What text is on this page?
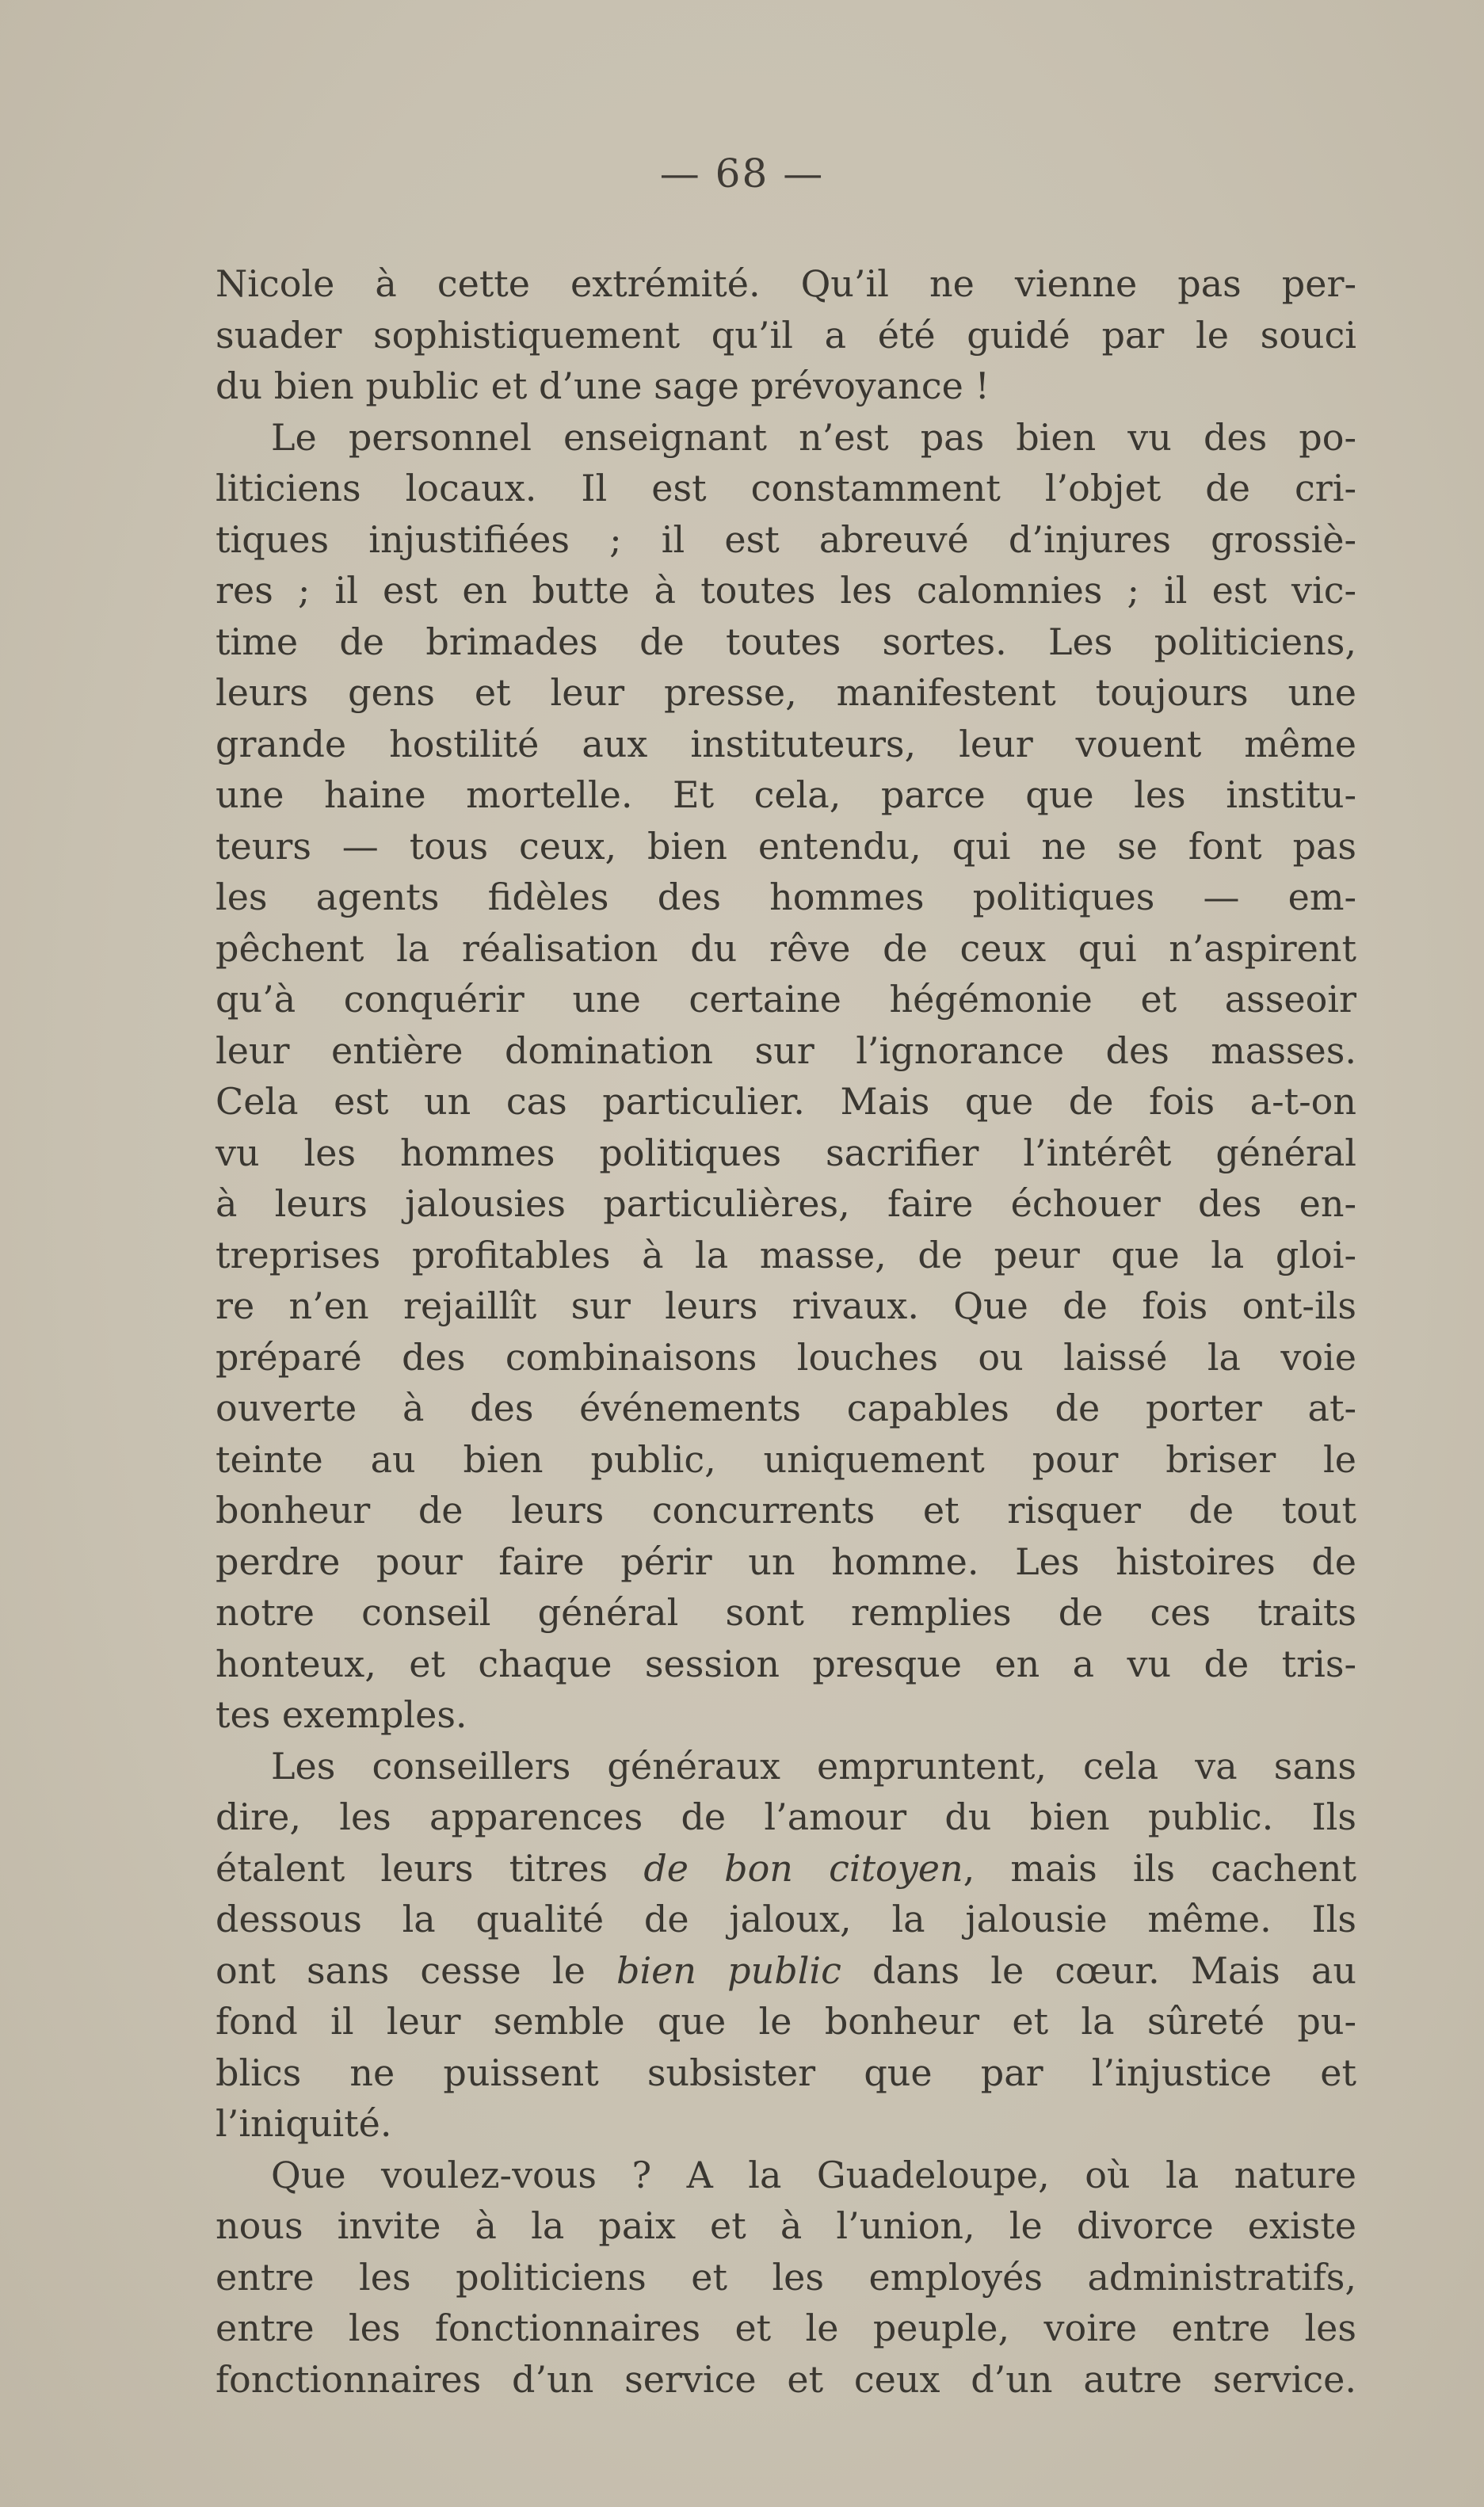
— 68 —
Nicole à cette extrémité. Qu’il ne vienne pas per-
suader sophistiquement qu’il a été guidé par le souci
du bien public et d’une sage prévoyance !
Le personnel enseignant n’est pas bien vu des po-
liticiens locaux. Il est constamment l’objet de cri-
tiques injustifiées ; il est abreuvé d’injures grossiè-
res ; il est en butte à toutes les calomnies ; il est vic-
time de brimades de toutes sortes. Les politiciens,
leurs gens et leur presse, manifestent toujours une
grande hostilité aux instituteurs, leur vouent même
une haine mortelle. Et cela, parce que les institu-
teurs — tous ceux, bien entendu, qui ne se font pas
les agents fidèles des hommes politiques — em-
pêchent la réalisation du rêve de ceux qui n’aspirent
qu’à conquérir une certaine hégémonie et asseoir
leur entière domination sur l’ignorance des masses.
Cela est un cas particulier. Mais que de fois a-t-on
vu les hommes politiques sacrifier l’intérêt général
à leurs jalousies particulières, faire échouer des en-
treprises profitables à la masse, de peur que la gloi-
re n’en rejaillît sur leurs rivaux. Que de fois ont-ils
préparé des combinaisons louches ou laissé la voie
ouverte à des événements capables de porter at-
teinte au bien public, uniquement pour briser le
bonheur de leurs concurrents et risquer de tout
perdre pour faire périr un homme. Les histoires de
notre conseil général sont remplies de ces traits
honteux, et chaque session presque en a vu de tris-
tes exemples.
Les conseillers généraux empruntent, cela va sans
dire, les apparences de l’amour du bien public. Ils
étalent leurs titres de bon citoyen, mais ils cachent
dessous la qualité de jaloux, la jalousie même. Ils
ont sans cesse le bien public dans le cœur. Mais au
fond il leur semble que le bonheur et la sûreté pu-
blics ne puissent subsister que par l’injustice et
l’iniquité.
Que voulez-vous ? A la Guadeloupe, où la nature
nous invite à la paix et à l’union, le divorce existe
entre les politiciens et les employés administratifs,
entre les fonctionnaires et le peuple, voire entre les
fonctionnaires d’un service et ceux d’un autre service.
